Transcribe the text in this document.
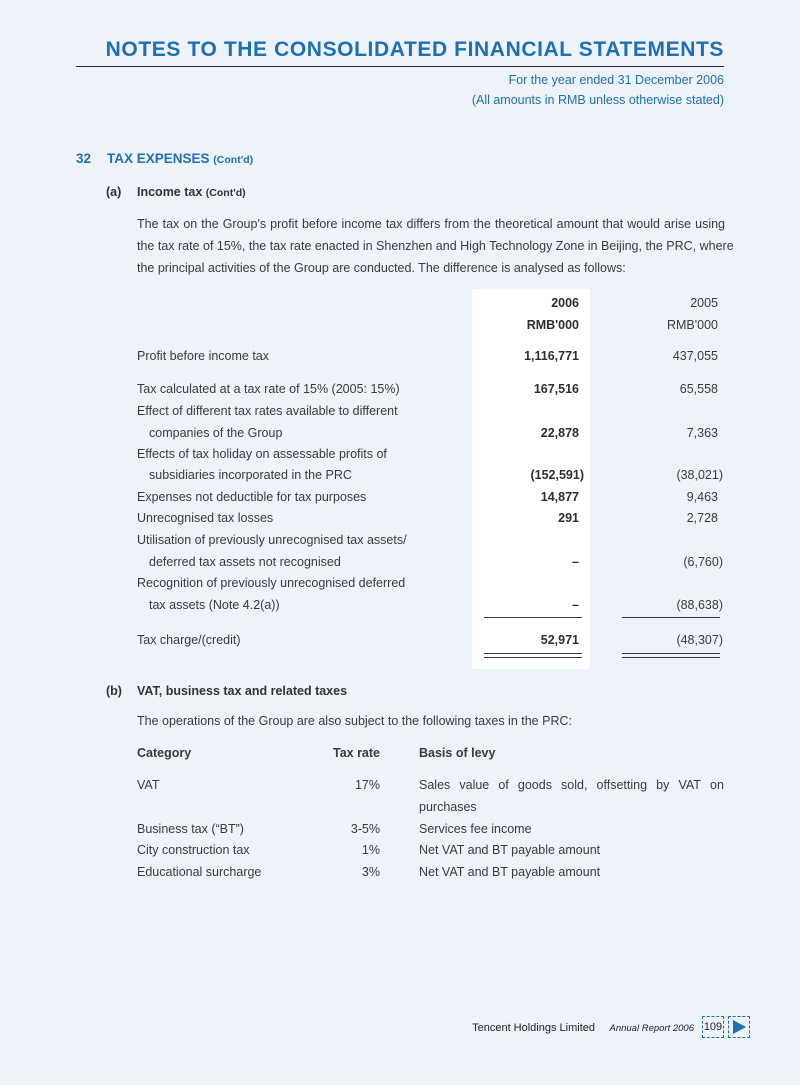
NOTES TO THE CONSOLIDATED FINANCIAL STATEMENTS
For the year ended 31 December 2006
(All amounts in RMB unless otherwise stated)
32 TAX EXPENSES (Cont'd)
(a) Income tax (Cont'd)
The tax on the Group's profit before income tax differs from the theoretical amount that would arise using
the tax rate of 15%, the tax rate enacted in Shenzhen and High Technology Zone in Beijing, the PRC, where
the principal activities of the Group are conducted. The difference is analysed as follows:
2006	2005
RMB'000	RMB'000
Profit before income tax	1,116,771	437,055
Tax calculated at a tax rate of 15% (2005: 15%)	167,516	65,558
Effect of different tax rates available to different
companies of the Group	22,878	7,363
Effects of tax holiday on assessable profits of
subsidiaries incorporated in the PRC	(152,591)	(38,021)
Expenses not deductible for tax purposes	14,877	9,463
Unrecognised tax losses	291	2,728
Utilisation of previously unrecognised tax assets/
deferred tax assets not recognised	–	(6,760)
Recognition of previously unrecognised deferred
tax assets (Note 4.2(a))	–	(88,638)
Tax charge/(credit)	52,971	(48,307)
(b) VAT, business tax and related taxes
The operations of the Group are also subject to the following taxes in the PRC:
Category	Tax rate	Basis of levy
VAT	17%	Sales value of goods sold, offsetting by VAT on
purchases
Business tax (“BT”)	3-5%	Services fee income
City construction tax	1%	Net VAT and BT payable amount
Educational surcharge	3%	Net VAT and BT payable amount
Tencent Holdings Limited Annual Report 2006 109
